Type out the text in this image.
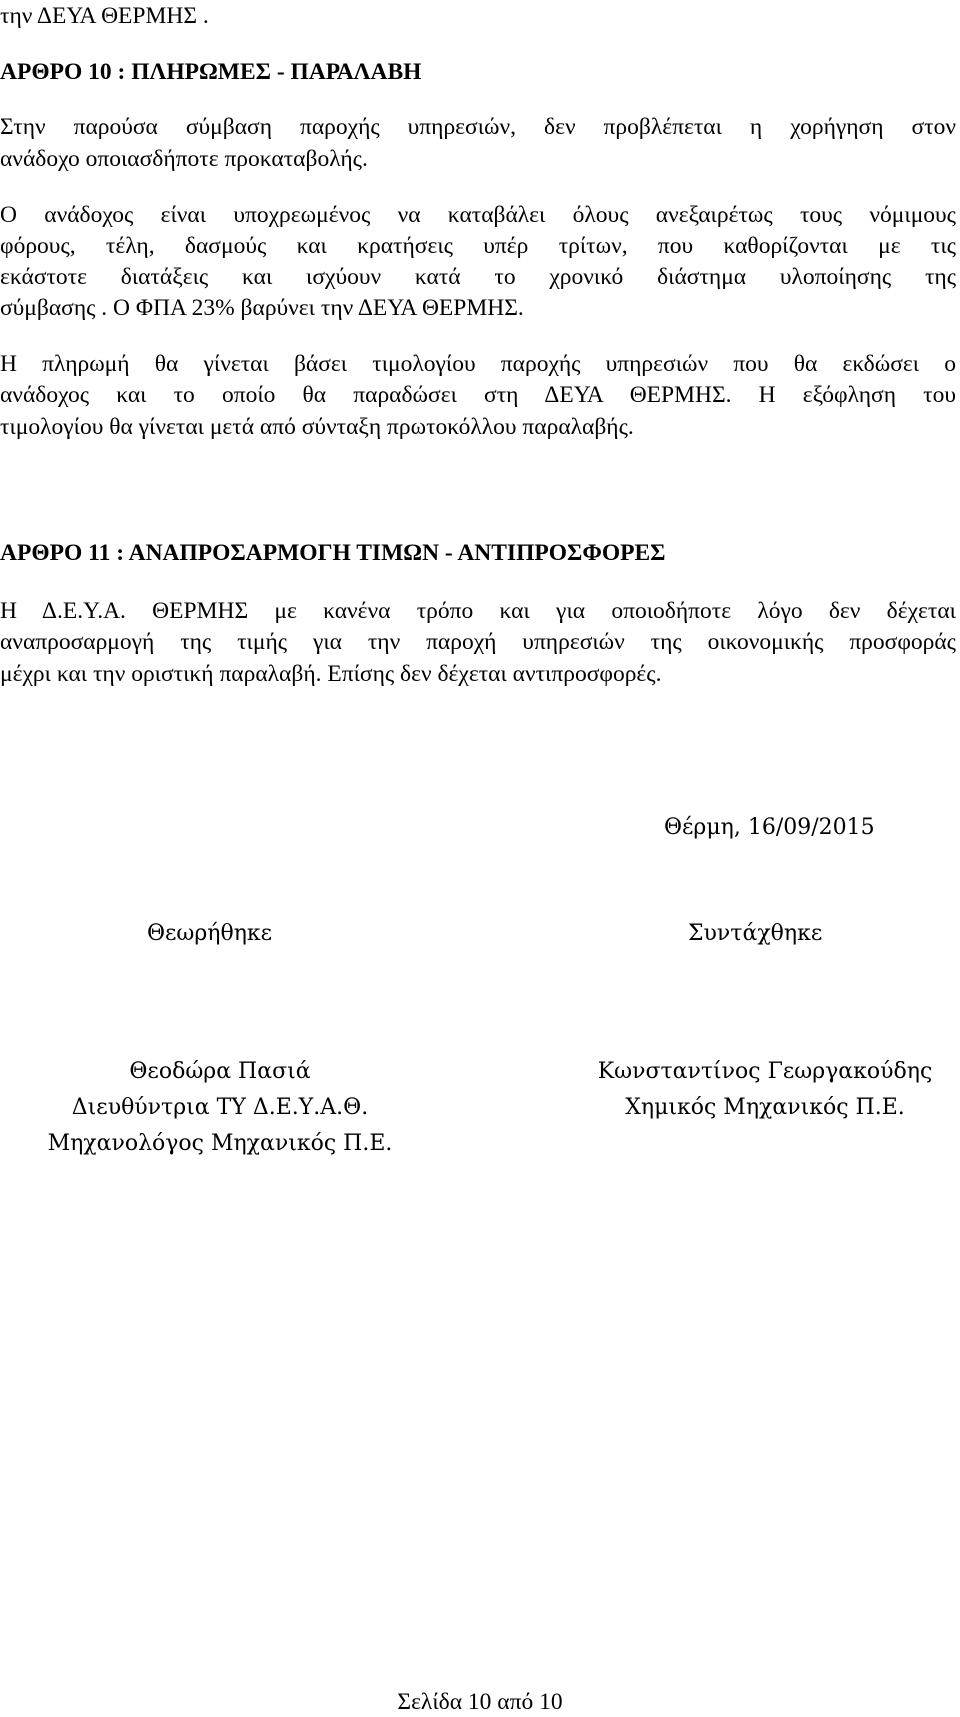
την ΔΕΥΑ ΘΕΡΜΗΣ .
ΑΡΘΡΟ 10 : ΠΛΗΡΩΜΕΣ - ΠΑΡΑΛΑΒΗ
Στην παρούσα σύμβαση παροχής υπηρεσιών, δεν προβλέπεται η χορήγηση στον
ανάδοχο οποιασδήποτε προκαταβολής.
Ο ανάδοχος είναι υποχρεωμένος να καταβάλει όλους ανεξαιρέτως τους νόμιμους
φόρους, τέλη, δασμούς και κρατήσεις υπέρ τρίτων, που καθορίζονται με τις
εκάστοτε διατάξεις και ισχύουν κατά το χρονικό διάστημα υλοποίησης της
σύμβασης . Ο ΦΠΑ 23% βαρύνει την ΔΕΥΑ ΘΕΡΜΗΣ.
Η πληρωμή θα γίνεται βάσει τιμολογίου παροχής υπηρεσιών που θα εκδώσει ο
ανάδοχος και το οποίο θα παραδώσει στη ΔΕΥΑ ΘΕΡΜΗΣ. Η εξόφληση του
τιμολογίου θα γίνεται μετά από σύνταξη πρωτοκόλλου παραλαβής.
ΑΡΘΡΟ 11 : ΑΝΑΠΡΟΣΑΡΜΟΓΗ ΤΙΜΩΝ - ΑΝΤΙΠΡΟΣΦΟΡΕΣ
Η Δ.Ε.Υ.Α. ΘΕΡΜΗΣ με κανένα τρόπο και για οποιοδήποτε λόγο δεν δέχεται
αναπροσαρμογή της τιμής για την παροχή υπηρεσιών της οικονομικής προσφοράς
μέχρι και την οριστική παραλαβή. Επίσης δεν δέχεται αντιπροσφορές.
Θέρμη, 16/09/2015
Θεωρήθηκε	Συντάχθηκε
Θεοδώρα Πασιά
Διευθύντρια ΤΥ Δ.Ε.Υ.Α.Θ.
Μηχανολόγος Μηχανικός Π.Ε.
Κωνσταντίνος Γεωργακούδης
Χημικός Μηχανικός Π.Ε.
Σελίδα 10 από 10
